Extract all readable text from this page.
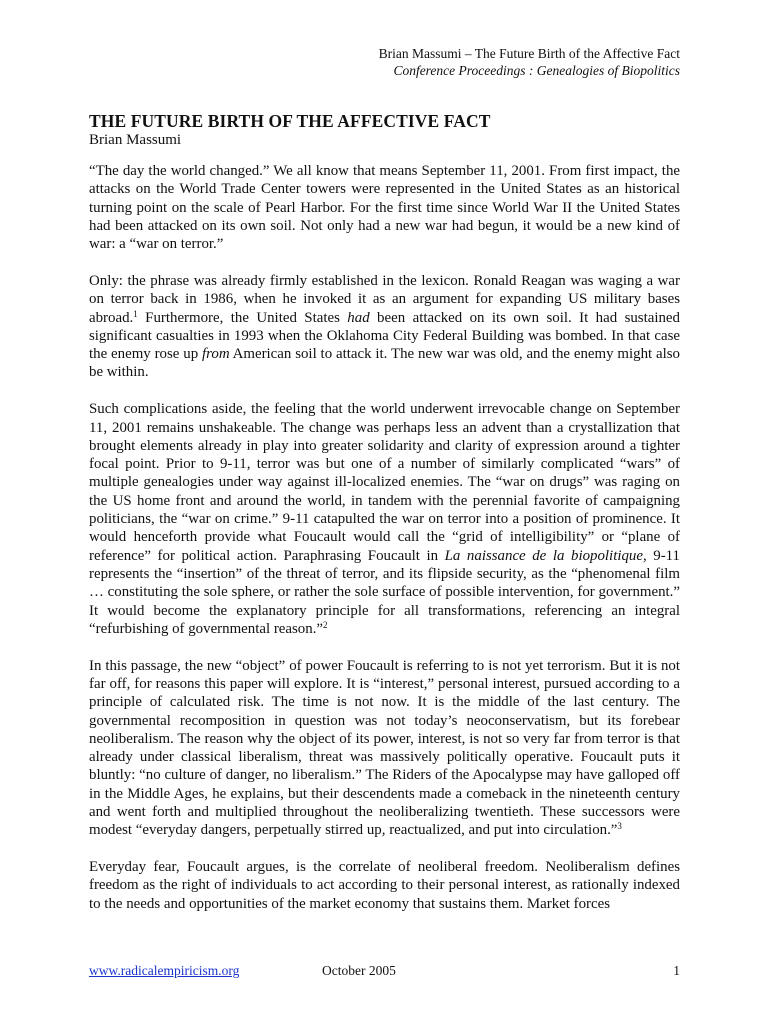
Brian Massumi – The Future Birth of the Affective Fact
Conference Proceedings : Genealogies of Biopolitics
THE FUTURE BIRTH OF THE AFFECTIVE FACT
Brian Massumi

“The day the world changed.” We all know that means September 11, 2001. From first impact, the attacks on the World Trade Center towers were represented in the United States as an historical turning point on the scale of Pearl Harbor. For the first time since World War II the United States had been attacked on its own soil. Not only had a new war had begun, it would be a new kind of war: a “war on terror.”

Only: the phrase was already firmly established in the lexicon. Ronald Reagan was waging a war on terror back in 1986, when he invoked it as an argument for expanding US military bases abroad.$^1$ Furthermore, the United States had been attacked on its own soil. It had sustained significant casualties in 1993 when the Oklahoma City Federal Building was bombed. In that case the enemy rose up from American soil to attack it. The new war was old, and the enemy might also be within.

Such complications aside, the feeling that the world underwent irrevocable change on September 11, 2001 remains unshakeable. The change was perhaps less an advent than a crystallization that brought elements already in play into greater solidarity and clarity of expression around a tighter focal point. Prior to 9-11, terror was but one of a number of similarly complicated “wars” of multiple genealogies under way against ill-localized enemies. The “war on drugs” was raging on the US home front and around the world, in tandem with the perennial favorite of campaigning politicians, the “war on crime.” 9-11 catapulted the war on terror into a position of prominence. It would henceforth provide what Foucault would call the “grid of intelligibility” or “plane of reference” for political action. Paraphrasing Foucault in La naissance de la biopolitique, 9-11 represents the “insertion” of the threat of terror, and its flipside security, as the “phenomenal film … constituting the sole sphere, or rather the sole surface of possible intervention, for government.” It would become the explanatory principle for all transformations, referencing an integral “refurbishing of governmental reason.”$^2$

In this passage, the new “object” of power Foucault is referring to is not yet terrorism. But it is not far off, for reasons this paper will explore. It is “interest,” personal interest, pursued according to a principle of calculated risk. The time is not now. It is the middle of the last century. The governmental recomposition in question was not today’s neoconservatism, but its forebear neoliberalism. The reason why the object of its power, interest, is not so very far from terror is that already under classical liberalism, threat was massively politically operative. Foucault puts it bluntly: “no culture of danger, no liberalism.” The Riders of the Apocalypse may have galloped off in the Middle Ages, he explains, but their descendents made a comeback in the nineteenth century and went forth and multiplied throughout the neoliberalizing twentieth. These successors were modest “everyday dangers, perpetually stirred up, reactualized, and put into circulation.”$^3$

Everyday fear, Foucault argues, is the correlate of neoliberal freedom. Neoliberalism defines freedom as the right of individuals to act according to their personal interest, as rationally indexed to the needs and opportunities of the market economy that sustains them. Market forces

www.radicalempiricism.org	October 2005	1
